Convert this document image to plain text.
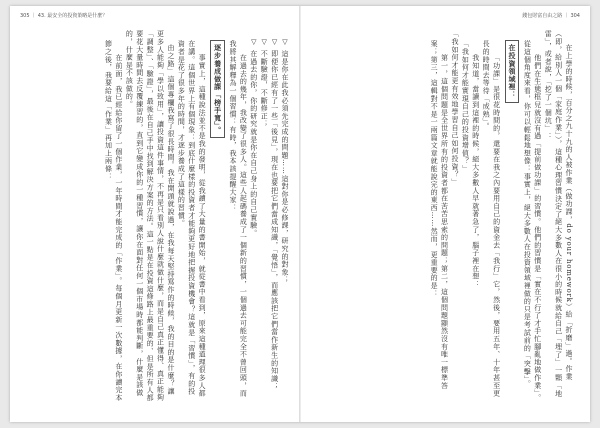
305 ｜ 43. 最安全的投資策略是什麼？	錢包財富自由之路 ｜ 304

在上學的時候，百分之九十九的人被作業（做功課，do your homework）給「折磨」過。作業（即，給別人一個「家庭作業」），這種心理習慣決定了絕大多數人在很小的時候就給自己「埋了」一顆「地雷」，或者說，「挖了一個坑」：

他們在生態框兒就沒有過「提前做功課」的習慣。他們的習慣是「實在不行了才手忙腳亂地做作業」。從這個角度來看，你可以輕鬆地想像：事實上，絕大多數人在投資領域裡做的只是考試前的「突擊」。

在投資領域裡：

「功課」是很花時間的，還要在我之內要用自己的資金去「我行」它，然後，要用五年、十年甚至更長的時間去等待「成熟」。

我知道，當讀到這裡的時候，絕大多數人早就著急了，腦子裡在想：

「我如何才能實現自己的投資增值？」

「我如何才能更有效地學習自己如何投資？」

第一，這個問題是全世界所有的投資者都在苦苦思索的問題；第二，這個問題顯然沒有唯一標準答案；第三，這輯對不是一兩篇文章就能說完的東西……然而，更重要的是：

▽ 這是你在此我必須先完成的問題……這對你是必修課，研究的對象；

▽ 即便你已經有了一些「後見」，現在也要把它們當成知識，「覺悟」，而應該把它們當作新生的知識；

▽ 不斷驗證，不斷修正；

▽ 在過去的你，你的研究就是你在自己身上的自己實驗。

在過去的幾年，我改變了很多人。這些人起碼養成了一個新的習慣，一個過去可能完全不曾回頭，而我將其解釋為一個習慣：有時，我本該提醒大家：

逐步養成做課「榜手寬」。

事實上，這種說法並不是我的發明，從我讀了大量的書開始，就從書中看到，原來這種道理很多人都在講。這個世界上有個現象：到底什麼樣的投資者才能夠更好地把握投資機會？這就是「習慣」，有的投資者是花了很多年的時間，才逐步養成了這樣的習慣。

由之路」這個專欄我寫了很長時間。我在開頭就說過，在我每天堅持寫作的時候，我的目的是什麼？讓更多人能夠「學以致用」，讓投資這件事情，不再是只看別人說什麼就做什麼，而是自己真正懂得、真正能夠「調整」、「驗證」，最後在自己手中找到解決方案的方法。這一點是在投資這條路上最重要的、但是所有人都要花大量時間去反覆練習的，直到它變成你的一種習慣，讓你在面對任何一個市場時都能判斷，什麼是該做的，什麼是不該做的。

在前面，我已經給你留了一個作業，一年時間才能完成的「作業」。每個月更新一次數據，在你讀完本節之後，我要給這「作業」再加上兩條：
